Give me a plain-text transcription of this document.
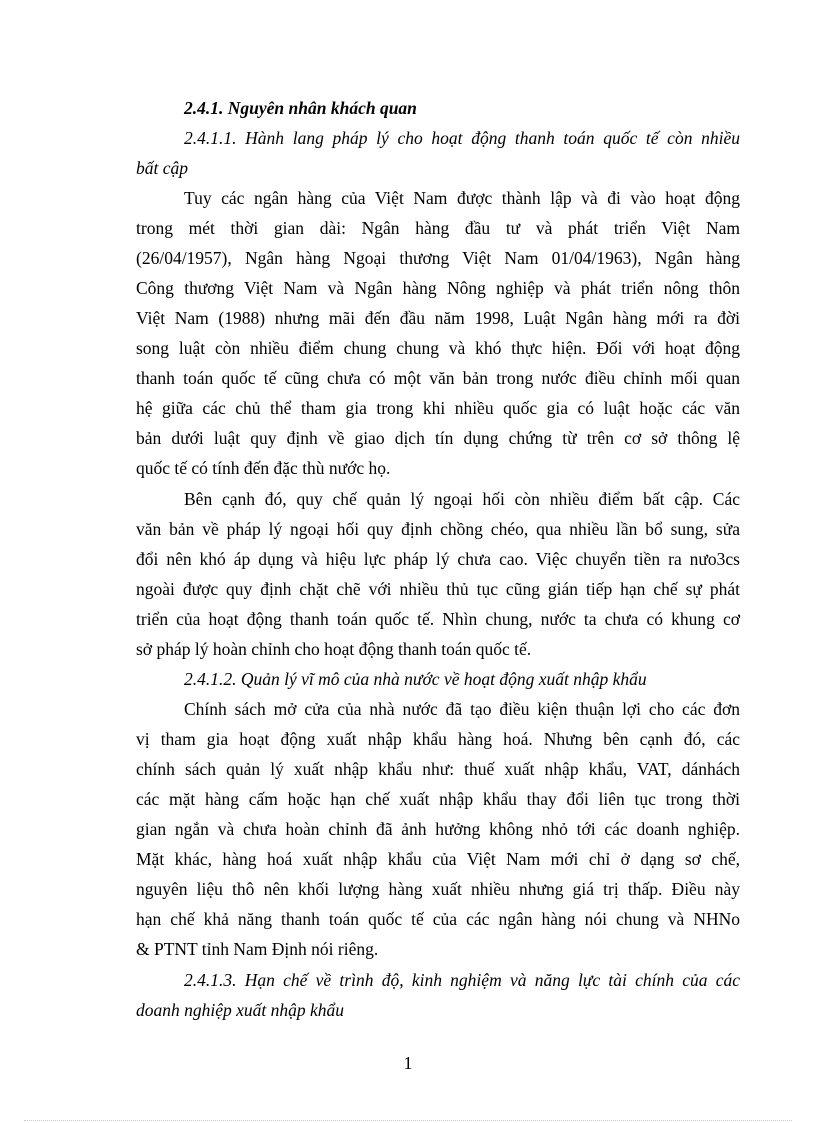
2.4.1. Nguyên nhân khách quan
2.4.1.1. Hành lang pháp lý cho hoạt động thanh toán quốc tế còn nhiều
bất cập
Tuy các ngân hàng của Việt Nam được thành lập và đi vào hoạt động
trong mét thời gian dài: Ngân hàng đầu tư và phát triển Việt Nam
(26/04/1957), Ngân hàng Ngoại thương Việt Nam 01/04/1963), Ngân hàng
Công thương Việt Nam và Ngân hàng Nông nghiệp và phát triển nông thôn
Việt Nam (1988) nhưng mãi đến đầu năm 1998, Luật Ngân hàng mới ra đời
song luật còn nhiều điểm chung chung và khó thực hiện. Đối với hoạt động
thanh toán quốc tế cũng chưa có một văn bản trong nước điều chỉnh mối quan
hệ giữa các chủ thể tham gia trong khi nhiều quốc gia có luật hoặc các văn
bản dưới luật quy định về giao dịch tín dụng chứng từ trên cơ sở thông lệ
quốc tế có tính đến đặc thù nước họ.
Bên cạnh đó, quy chế quản lý ngoại hối còn nhiều điểm bất cập. Các
văn bản về pháp lý ngoại hối quy định chồng chéo, qua nhiều lần bổ sung, sửa
đổi nên khó áp dụng và hiệu lực pháp lý chưa cao. Việc chuyển tiền ra nưo3cs
ngoài được quy định chặt chẽ với nhiều thủ tục cũng gián tiếp hạn chế sự phát
triển của hoạt động thanh toán quốc tế. Nhìn chung, nước ta chưa có khung cơ
sở pháp lý hoàn chỉnh cho hoạt động thanh toán quốc tế.
2.4.1.2. Quản lý vĩ mô của nhà nước về hoạt động xuất nhập khẩu
Chính sách mở cửa của nhà nước đã tạo điều kiện thuận lợi cho các đơn
vị tham gia hoạt động xuất nhập khẩu hàng hoá. Nhưng bên cạnh đó, các
chính sách quản lý xuất nhập khẩu như: thuế xuất nhập khẩu, VAT, dánhách
các mặt hàng cấm hoặc hạn chế xuất nhập khẩu thay đổi liên tục trong thời
gian ngắn và chưa hoàn chỉnh đã ảnh hưởng không nhỏ tới các doanh nghiệp.
Mặt khác, hàng hoá xuất nhập khẩu của Việt Nam mới chỉ ở dạng sơ chế,
nguyên liệu thô nên khối lượng hàng xuất nhiều nhưng giá trị thấp. Điều này
hạn chế khả năng thanh toán quốc tế của các ngân hàng nói chung và NHNo
& PTNT tỉnh Nam Định nói riêng.
2.4.1.3. Hạn chế về trình độ, kinh nghiệm và năng lực tài chính của các
doanh nghiệp xuất nhập khẩu
1
